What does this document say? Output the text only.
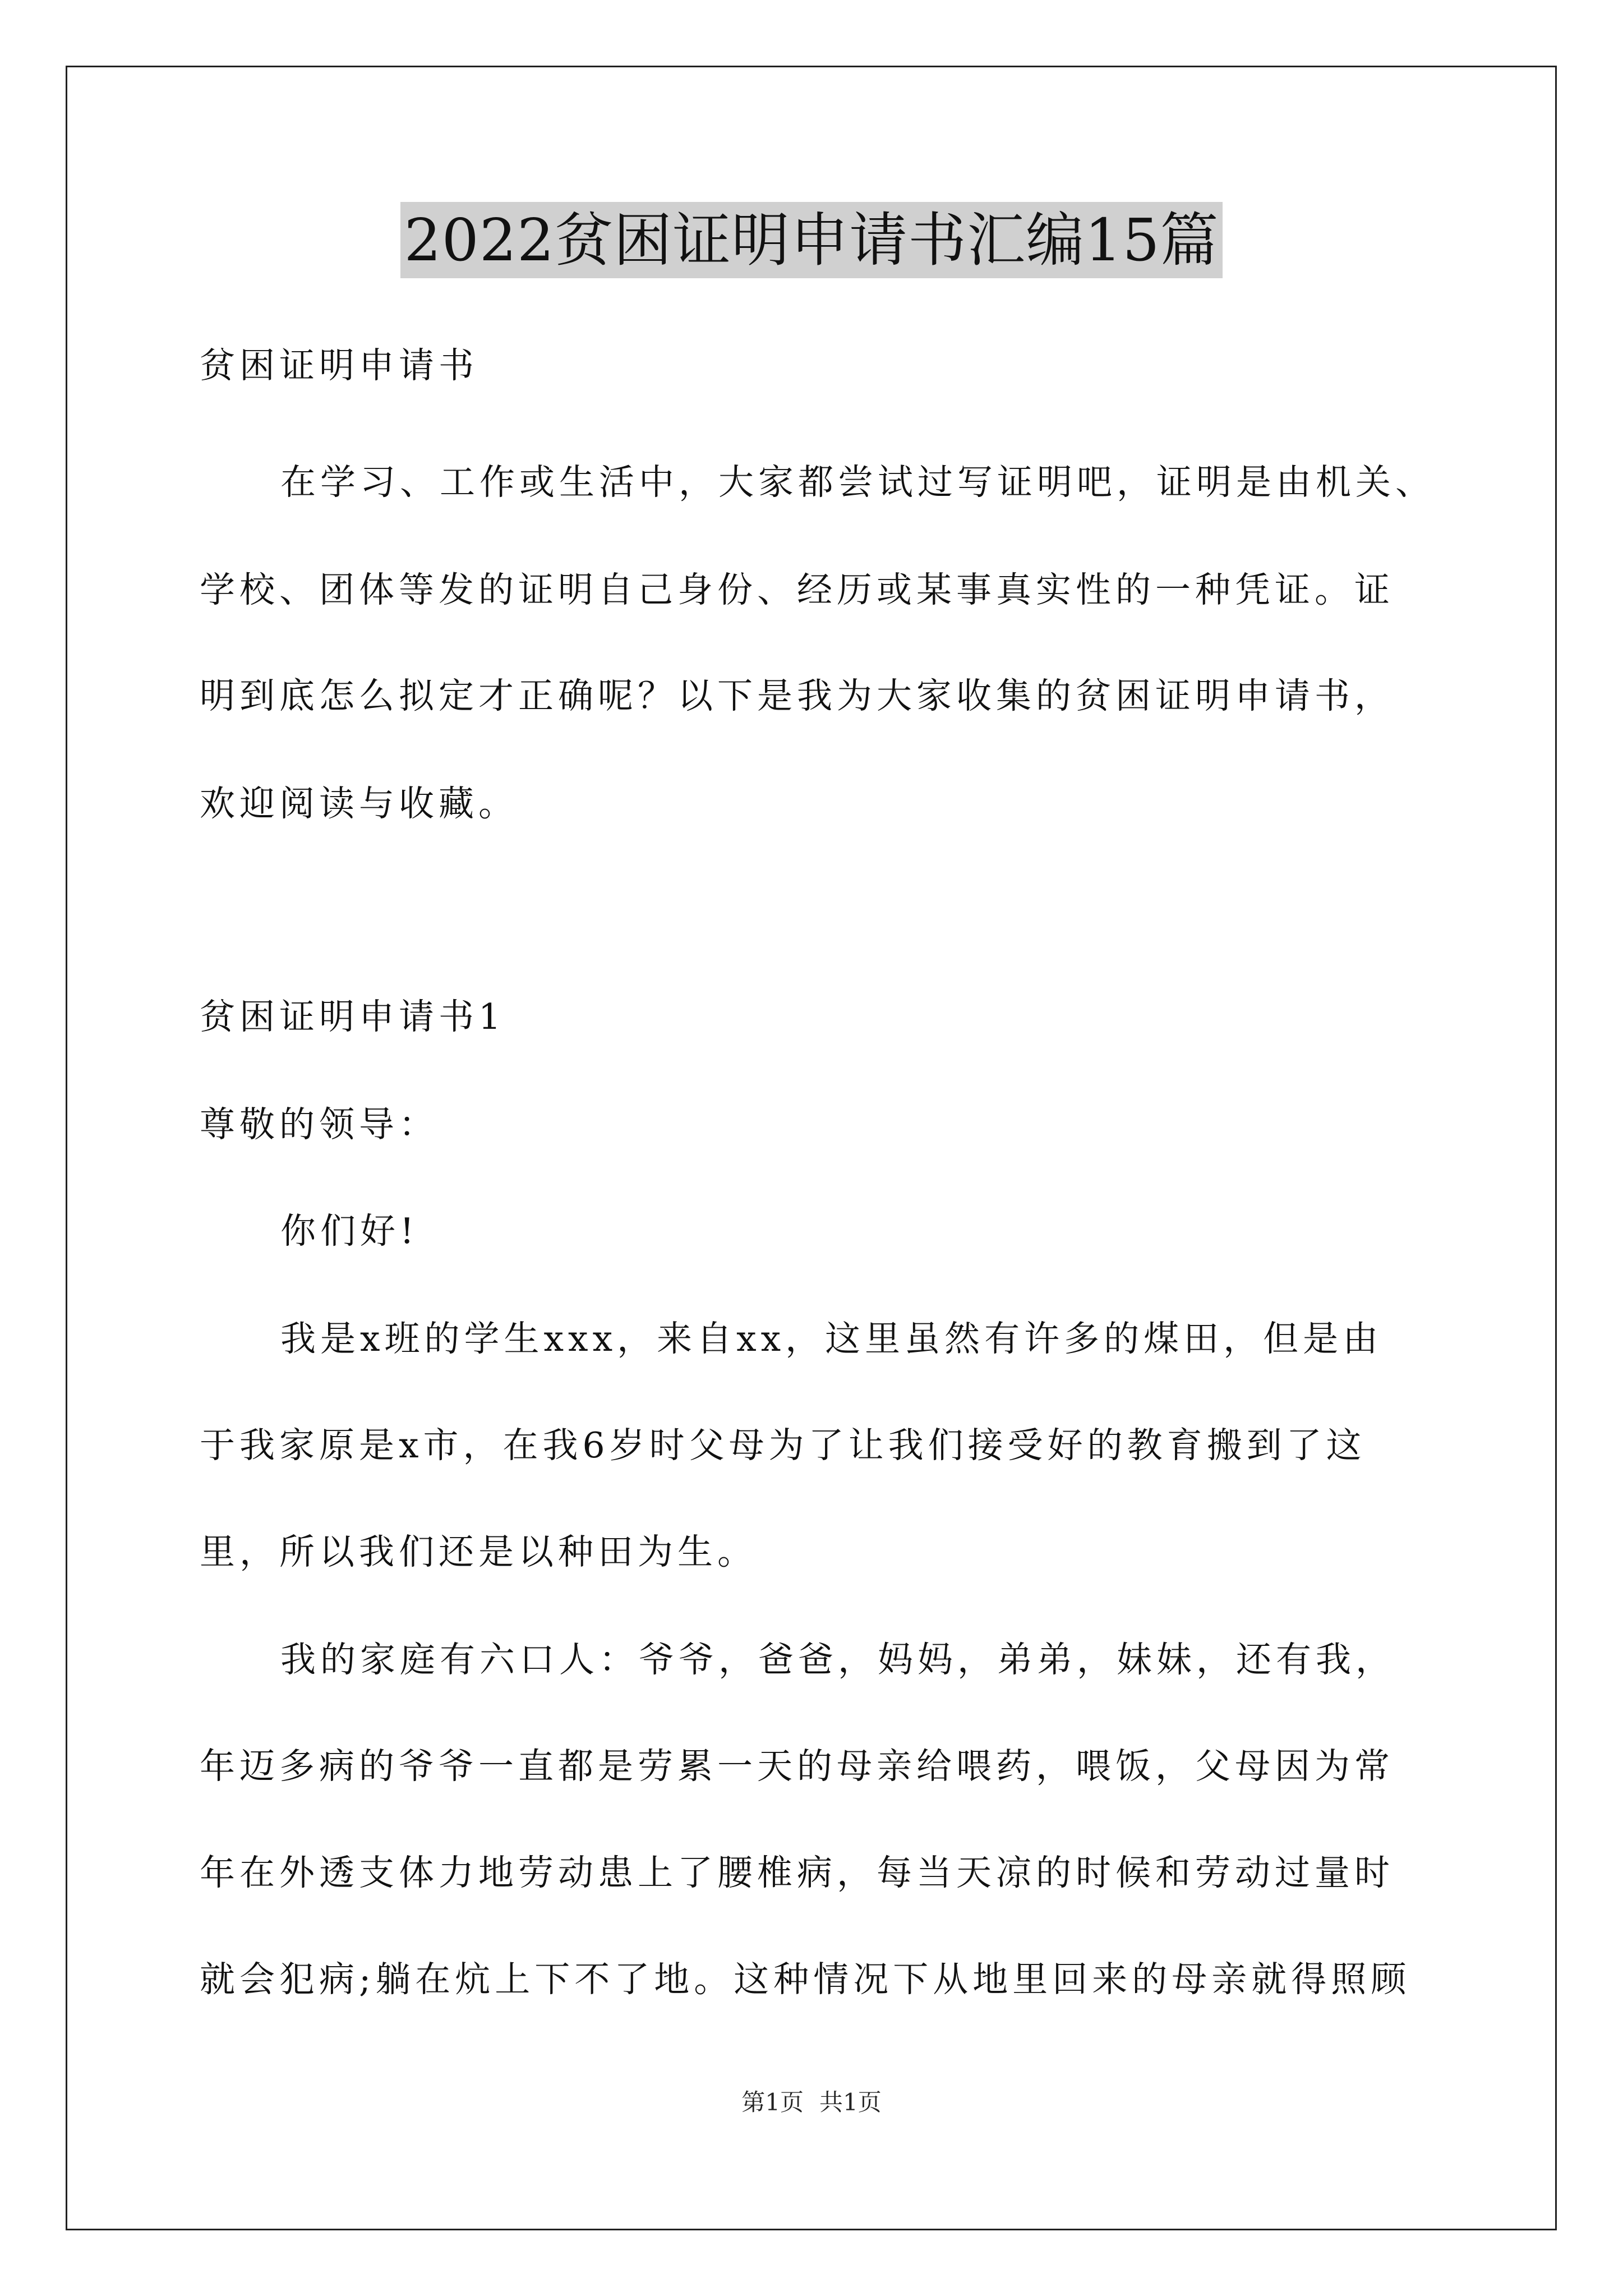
2022贫困证明申请书汇编15篇
贫困证明申请书
在学习、工作或生活中，大家都尝试过写证明吧，证明是由机关、
学校、团体等发的证明自己身份、经历或某事真实性的一种凭证。证
明到底怎么拟定才正确呢？以下是我为大家收集的贫困证明申请书，
欢迎阅读与收藏。
贫困证明申请书1
尊敬的领导：
你们好!
我是x班的学生xxx，来自xx，这里虽然有许多的煤田，但是由
于我家原是x市，在我6岁时父母为了让我们接受好的教育搬到了这
里，所以我们还是以种田为生。
我的家庭有六口人：爷爷，爸爸，妈妈，弟弟，妹妹，还有我，
年迈多病的爷爷一直都是劳累一天的母亲给喂药，喂饭，父母因为常
年在外透支体力地劳动患上了腰椎病，每当天凉的时候和劳动过量时
就会犯病;躺在炕上下不了地。这种情况下从地里回来的母亲就得照顾
第1页 共1页
